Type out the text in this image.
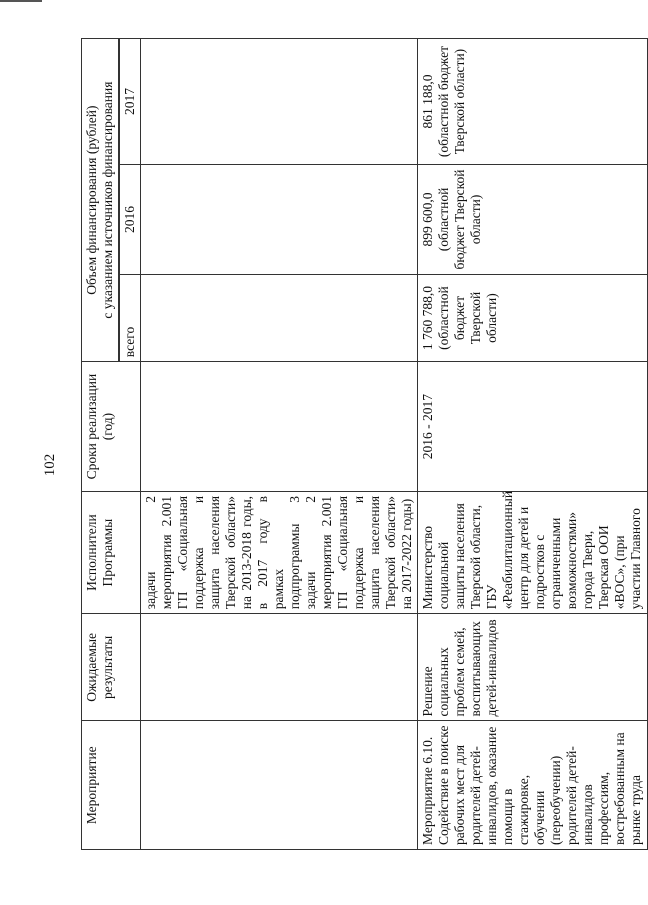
102
Мероприятие	Ожидаемые результаты	Исполнители Программы	Сроки реализации (год)	Объем финансирования (рублей) с указанием источников финансирования		

				всего	2016	2017
		задачи 2 мероприятия 2.001 ГП «Социальная поддержка и защита населения Тверской области» на 2013-2018 годы, в 2017 году в рамках подпрограммы 3 задачи 2 мероприятия 2.001 ГП «Социальная поддержка и защита населения Тверской области» на 2017-2022 годы)				
Мероприятие 6.10. Содействие в поиске рабочих мест для родителей детей-инвалидов, оказание помощи в стажировке, обучении (переобучении) родителей детей-инвалидов профессиям, востребованным на рынке труда	Решение социальных проблем семей, воспитывающих детей-инвалидов	Министерство социальной защиты населения Тверской области, ГБУ «Реабилитационный центр для детей и подростков с ограниченными возможностями» города Твери, Тверская ООИ «ВОС», (при участии Главного	2016 - 2017	1 760 788,0 (областной бюджет Тверской области)	899 600,0 (областной бюджет Тверской области)	861 188,0 (областной бюджет Тверской области)
